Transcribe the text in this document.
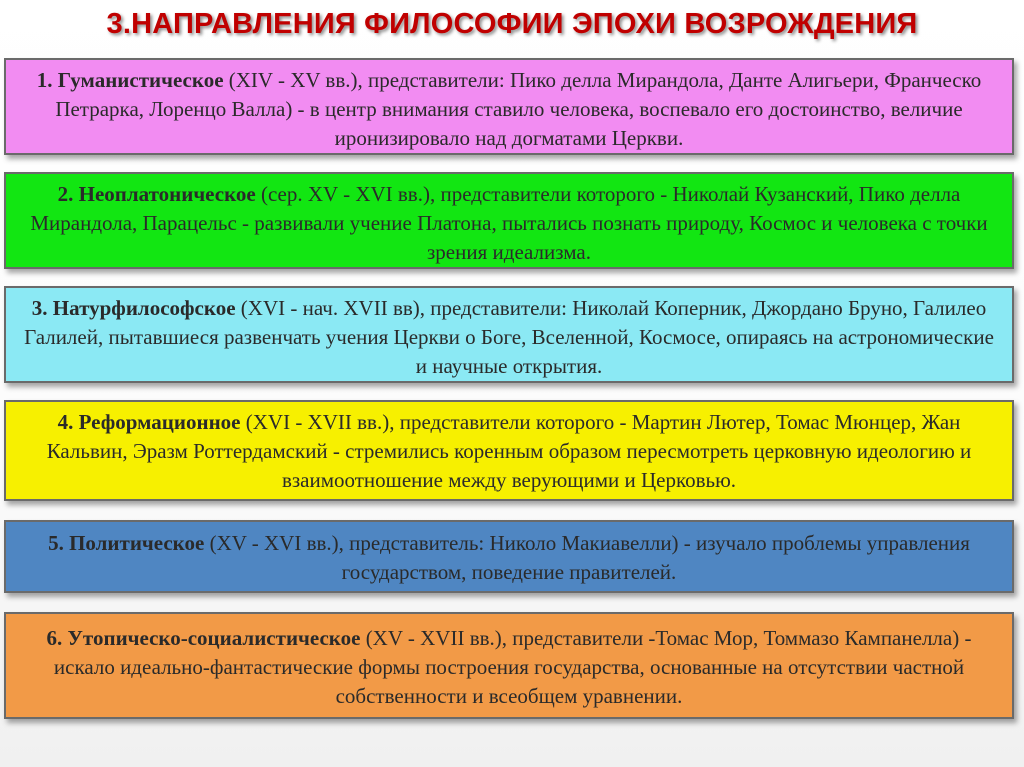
3.НАПРАВЛЕНИЯ ФИЛОСОФИИ ЭПОХИ ВОЗРОЖДЕНИЯ
1. Гуманистическое (XIV - XV вв.), представители: Пико делла Мирандола, Данте Алигьери, Франческо Петрарка, Лоренцо Валла) - в центр внимания ставило человека, воспевало его достоинство, величие иронизировало над догматами Церкви.
2. Неоплатоническое (сер. XV - XVI вв.), представители которого - Николай Кузанский, Пико делла Мирандола, Парацельс - развивали учение Платона, пытались познать природу, Космос и человека с точки зрения идеализма.
3. Натурфилософское (XVI - нач. XVII вв), представители: Николай Коперник, Джордано Бруно, Галилео Галилей, пытавшиеся развенчать учения Церкви о Боге, Вселенной, Космосе, опираясь на астрономические и научные открытия.
4. Реформационное (XVI - XVII вв.), представители которого - Мартин Лютер, Томас Мюнцер, Жан Кальвин, Эразм Роттердамский - стремились коренным образом пересмотреть церковную идеологию и взаимоотношение между верующими и Церковью.
5. Политическое (XV - XVI вв.), представитель: Николо Макиавелли) - изучало проблемы управления государством, поведение правителей.
6. Утопическо-социалистическое (XV - XVII вв.), представители -Томас Мор, Томмазо Кампанелла) - искало идеально-фантастические формы построения государства, основанные на отсутствии частной собственности и всеобщем уравнении.
